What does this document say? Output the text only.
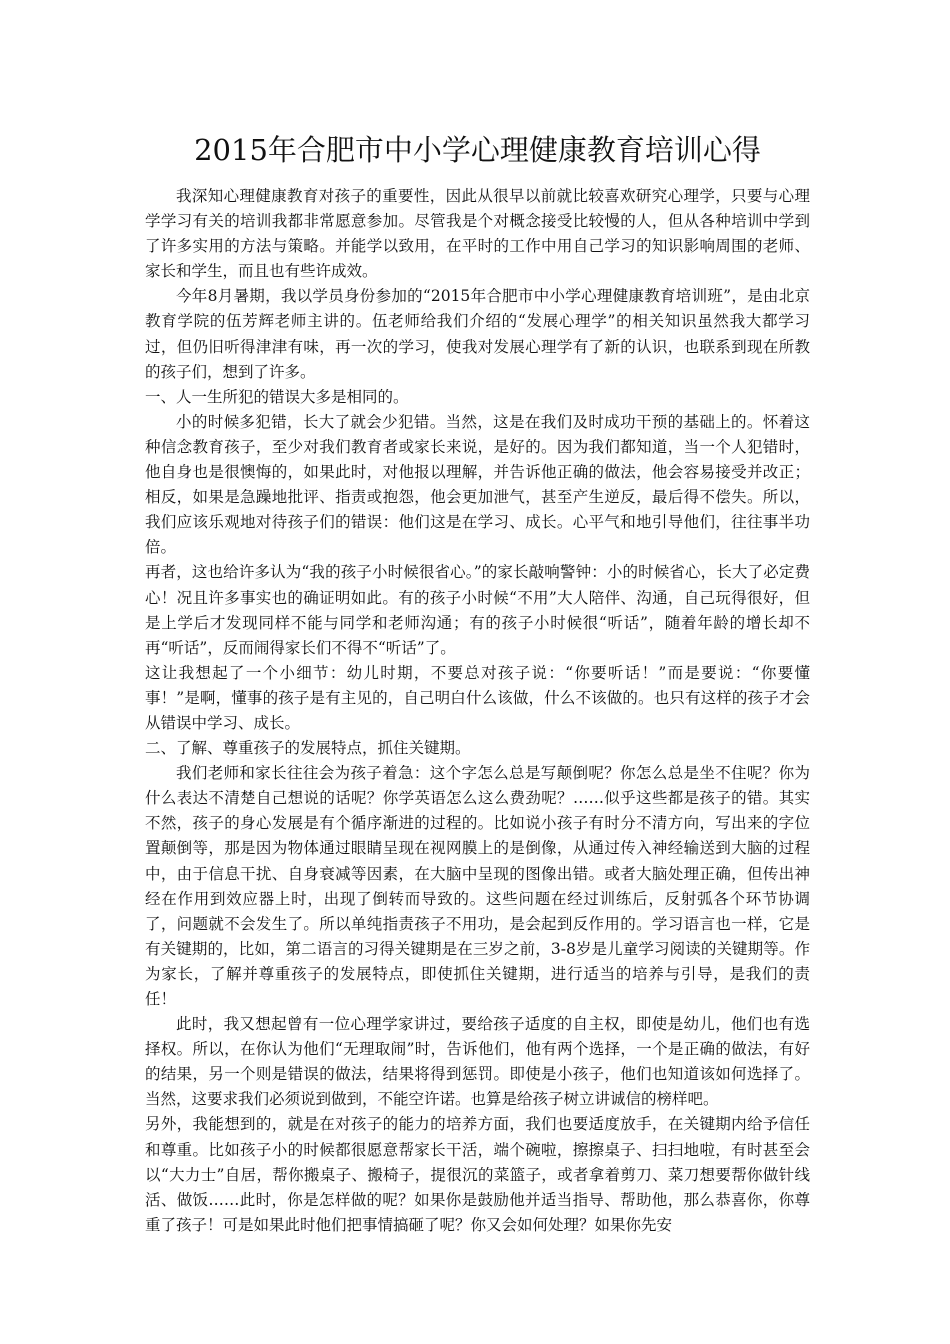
2015年合肥市中小学心理健康教育培训心得

我深知心理健康教育对孩子的重要性，因此从很早以前就比较喜欢研究心理学，只要与心理学学习有关的培训我都非常愿意参加。尽管我是个对概念接受比较慢的人，但从各种培训中学到了许多实用的方法与策略。并能学以致用，在平时的工作中用自己学习的知识影响周围的老师、家长和学生，而且也有些许成效。

今年8月暑期，我以学员身份参加的“2015年合肥市中小学心理健康教育培训班”，是由北京教育学院的伍芳辉老师主讲的。伍老师给我们介绍的“发展心理学”的相关知识虽然我大都学习过，但仍旧听得津津有味，再一次的学习，使我对发展心理学有了新的认识，也联系到现在所教的孩子们，想到了许多。

一、人一生所犯的错误大多是相同的。

小的时候多犯错，长大了就会少犯错。当然，这是在我们及时成功干预的基础上的。怀着这种信念教育孩子，至少对我们教育者或家长来说，是好的。因为我们都知道，当一个人犯错时，他自身也是很懊悔的，如果此时，对他报以理解，并告诉他正确的做法，他会容易接受并改正；相反，如果是急躁地批评、指责或抱怨，他会更加泄气，甚至产生逆反，最后得不偿失。所以，我们应该乐观地对待孩子们的错误：他们这是在学习、成长。心平气和地引导他们，往往事半功倍。

再者，这也给许多认为“我的孩子小时候很省心。”的家长敲响警钟：小的时候省心，长大了必定费心！况且许多事实也的确证明如此。有的孩子小时候“不用”大人陪伴、沟通，自己玩得很好，但是上学后才发现同样不能与同学和老师沟通；有的孩子小时候很“听话”，随着年龄的增长却不再“听话”，反而闹得家长们不得不“听话”了。

这让我想起了一个小细节：幼儿时期，不要总对孩子说：“你要听话！”而是要说：“你要懂事！”是啊，懂事的孩子是有主见的，自己明白什么该做，什么不该做的。也只有这样的孩子才会从错误中学习、成长。

二、了解、尊重孩子的发展特点，抓住关键期。

我们老师和家长往往会为孩子着急：这个字怎么总是写颠倒呢？你怎么总是坐不住呢？你为什么表达不清楚自己想说的话呢？你学英语怎么这么费劲呢？……似乎这些都是孩子的错。其实不然，孩子的身心发展是有个循序渐进的过程的。比如说小孩子有时分不清方向，写出来的字位置颠倒等，那是因为物体通过眼睛呈现在视网膜上的是倒像，从通过传入神经输送到大脑的过程中，由于信息干扰、自身衰减等因素，在大脑中呈现的图像出错。或者大脑处理正确，但传出神经在作用到效应器上时，出现了倒转而导致的。这些问题在经过训练后，反射弧各个环节协调了，问题就不会发生了。所以单纯指责孩子不用功，是会起到反作用的。学习语言也一样，它是有关键期的，比如，第二语言的习得关键期是在三岁之前，3-8岁是儿童学习阅读的关键期等。作为家长，了解并尊重孩子的发展特点，即使抓住关键期，进行适当的培养与引导，是我们的责任！

此时，我又想起曾有一位心理学家讲过，要给孩子适度的自主权，即使是幼儿，他们也有选择权。所以，在你认为他们“无理取闹”时，告诉他们，他有两个选择，一个是正确的做法，有好的结果，另一个则是错误的做法，结果将得到惩罚。即使是小孩子，他们也知道该如何选择了。当然，这要求我们必须说到做到，不能空许诺。也算是给孩子树立讲诚信的榜样吧。

另外，我能想到的，就是在对孩子的能力的培养方面，我们也要适度放手，在关键期内给予信任和尊重。比如孩子小的时候都很愿意帮家长干活，端个碗啦，擦擦桌子、扫扫地啦，有时甚至会以“大力士”自居，帮你搬桌子、搬椅子，提很沉的菜篮子，或者拿着剪刀、菜刀想要帮你做针线活、做饭……此时，你是怎样做的呢？如果你是鼓励他并适当指导、帮助他，那么恭喜你，你尊重了孩子！可是如果此时他们把事情搞砸了呢？你又会如何处理？如果你先安
